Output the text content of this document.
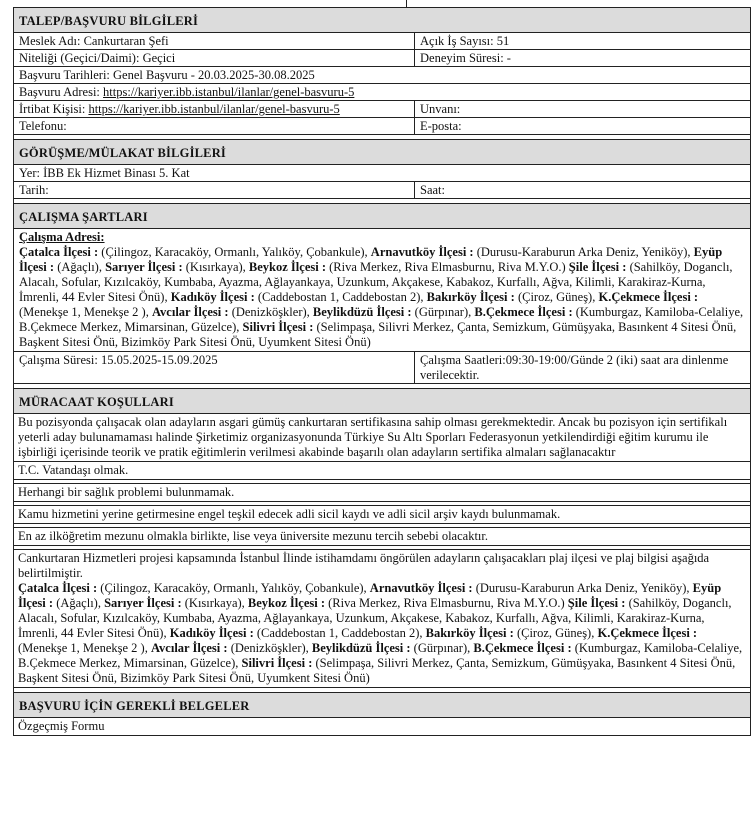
TALEP/BAŞVURU BİLGİLERİ
Meslek Adı: Cankurtaran Şefi	Açık İş Sayısı: 51
Niteliği (Geçici/Daimi): Geçici	Deneyim Süresi: -
Başvuru Tarihleri: Genel Başvuru - 20.03.2025-30.08.2025
Başvuru Adresi: https://kariyer.ibb.istanbul/ilanlar/genel-basvuru-5
İrtibat Kişisi: https://kariyer.ibb.istanbul/ilanlar/genel-basvuru-5	Unvanı:
Telefonu:	E-posta:
GÖRÜŞME/MÜLAKAT BİLGİLERİ
Yer: İBB Ek Hizmet Binası 5. Kat
Tarih:	Saat:
ÇALIŞMA ŞARTLARI
Çalışma Adresi:
Çatalca İlçesi : (Çilingoz, Karacaköy, Ormanlı, Yalıköy, Çobankule), Arnavutköy İlçesi : (Durusu-Karaburun Arka Deniz, Yeniköy), Eyüp İlçesi : (Ağaçlı), Sarıyer İlçesi : (Kısırkaya), Beykoz İlçesi : (Riva Merkez, Riva Elmasburnu, Riva M.Y.O.) Şile İlçesi : (Sahilköy, Doganclı, Alacalı, Sofular, Kızılcaköy, Kumbaba, Ayazma, Ağlayankaya, Uzunkum, Akçakese, Kabakoz, Kurfallı, Ağva, Kilimli, Karakiraz-Kurna, İmrenli, 44 Evler Sitesi Önü), Kadıköy İlçesi : (Caddebostan 1, Caddebostan 2), Bakırköy İlçesi : (Çiroz, Güneş), K.Çekmece İlçesi : (Menekşe 1, Menekşe 2 ), Avcılar İlçesi : (Denizköşkler), Beylikdüzü İlçesi : (Gürpınar), B.Çekmece İlçesi : (Kumburgaz, Kamiloba-Celaliye, B.Çekmece Merkez, Mimarsinan, Güzelce), Silivri İlçesi : (Selimpaşa, Silivri Merkez, Çanta, Semizkum, Gümüşyaka, Basınkent 4 Sitesi Önü, Başkent Sitesi Önü, Bizimköy Park Sitesi Önü, Uyumkent Sitesi Önü)
Çalışma Süresi: 15.05.2025-15.09.2025	Çalışma Saatleri:09:30-19:00/Günde 2 (iki) saat ara dinlenme verilecektir.
MÜRACAAT KOŞULLARI
Bu pozisyonda çalışacak olan adayların asgari gümüş cankurtaran sertifikasına sahip olması gerekmektedir. Ancak bu pozisyon için sertifikalı yeterli aday bulunamaması halinde Şirketimiz organizasyonunda Türkiye Su Altı Sporları Federasyonun yetkilendirdiği eğitim kurumu ile işbirliği içerisinde teorik ve pratik eğitimlerin verilmesi akabinde başarılı olan adayların sertifika almaları sağlanacaktır
T.C. Vatandaşı olmak.
Herhangi bir sağlık problemi bulunmamak.
Kamu hizmetini yerine getirmesine engel teşkil edecek adli sicil kaydı ve adli sicil arşiv kaydı bulunmamak.
En az ilköğretim mezunu olmakla birlikte, lise veya üniversite mezunu tercih sebebi olacaktır.
Cankurtaran Hizmetleri projesi kapsamında İstanbul İlinde istihamdamı öngörülen adayların çalışacakları plaj ilçesi ve plaj bilgisi aşağıda belirtilmiştir.
Çatalca İlçesi : (Çilingoz, Karacaköy, Ormanlı, Yalıköy, Çobankule), Arnavutköy İlçesi : (Durusu-Karaburun Arka Deniz, Yeniköy), Eyüp İlçesi : (Ağaçlı), Sarıyer İlçesi : (Kısırkaya), Beykoz İlçesi : (Riva Merkez, Riva Elmasburnu, Riva M.Y.O.) Şile İlçesi : (Sahilköy, Doganclı, Alacalı, Sofular, Kızılcaköy, Kumbaba, Ayazma, Ağlayankaya, Uzunkum, Akçakese, Kabakoz, Kurfallı, Ağva, Kilimli, Karakiraz-Kurna, İmrenli, 44 Evler Sitesi Önü), Kadıköy İlçesi : (Caddebostan 1, Caddebostan 2), Bakırköy İlçesi : (Çiroz, Güneş), K.Çekmece İlçesi : (Menekşe 1, Menekşe 2 ), Avcılar İlçesi : (Denizköşkler), Beylikdüzü İlçesi : (Gürpınar), B.Çekmece İlçesi : (Kumburgaz, Kamiloba-Celaliye, B.Çekmece Merkez, Mimarsinan, Güzelce), Silivri İlçesi : (Selimpaşa, Silivri Merkez, Çanta, Semizkum, Gümüşyaka, Basınkent 4 Sitesi Önü, Başkent Sitesi Önü, Bizimköy Park Sitesi Önü, Uyumkent Sitesi Önü)
BAŞVURU İÇİN GEREKLİ BELGELER
Özgeçmiş Formu
